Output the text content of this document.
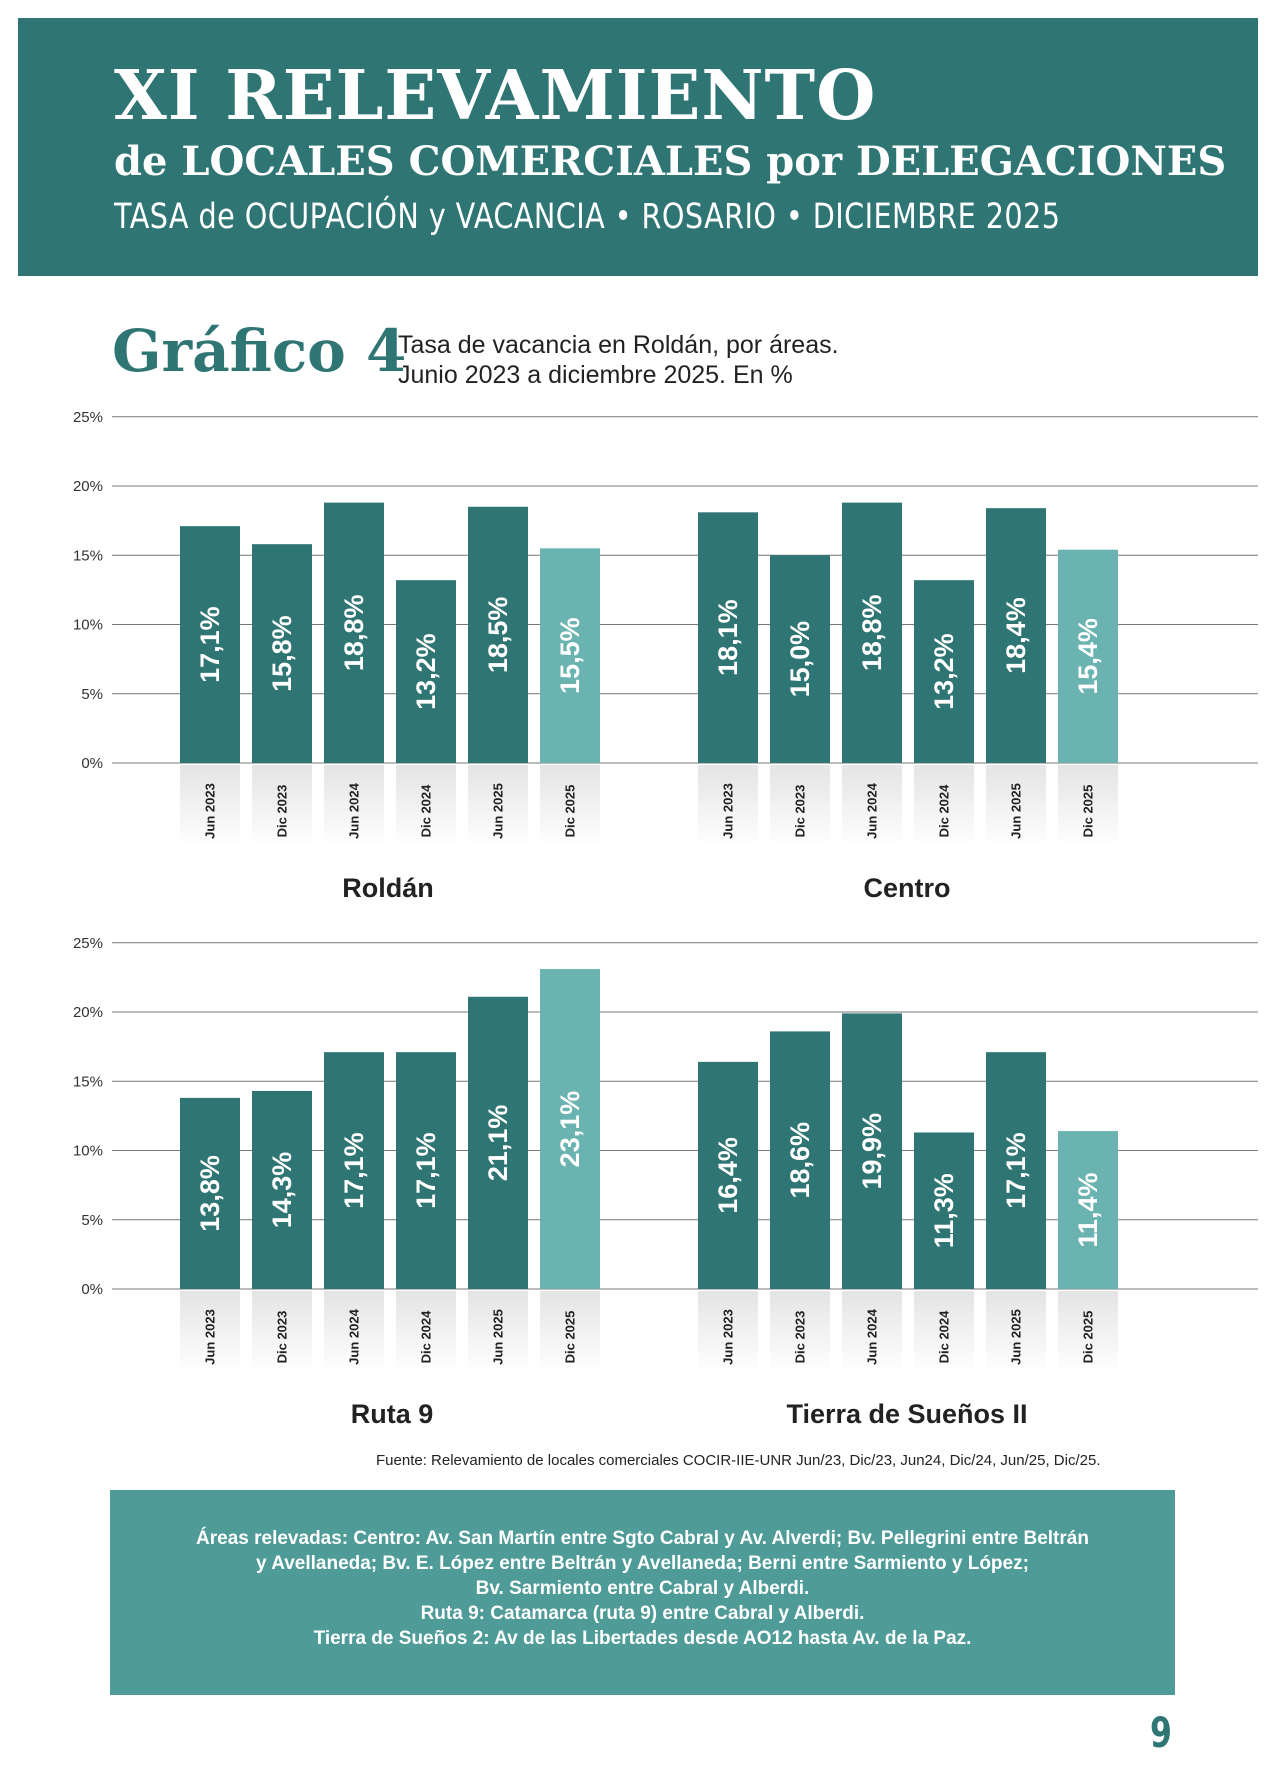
XI RELEVAMIENTO
de LOCALES COMERCIALES por DELEGACIONES
TASA de OCUPACIÓN y VACANCIA • ROSARIO • DICIEMBRE 2025
Gráfico 4
Tasa de vacancia en Roldán, por áreas.
Junio 2023 a diciembre 2025. En %
0%
5%
10%
15%
20%
25%
17,1%
Jun 2023
15,8%
Dic 2023
18,8%
Jun 2024
13,2%
Dic 2024
18,5%
Jun 2025
15,5%
Dic 2025
18,1%
Jun 2023
15,0%
Dic 2023
18,8%
Jun 2024
13,2%
Dic 2024
18,4%
Jun 2025
15,4%
Dic 2025
0%
5%
10%
15%
20%
25%
13,8%
Jun 2023
14,3%
Dic 2023
17,1%
Jun 2024
17,1%
Dic 2024
21,1%
Jun 2025
23,1%
Dic 2025
16,4%
Jun 2023
18,6%
Dic 2023
19,9%
Jun 2024
11,3%
Dic 2024
17,1%
Jun 2025
11,4%
Dic 2025
Roldán	Centro
Ruta 9	Tierra de Sueños II
Fuente: Relevamiento de locales comerciales COCIR-IIE-UNR Jun/23, Dic/23, Jun24, Dic/24, Jun/25, Dic/25.
Áreas relevadas: Centro: Av. San Martín entre Sgto Cabral y Av. Alverdi; Bv. Pellegrini entre Beltrán
y Avellaneda; Bv. E. López entre Beltrán y Avellaneda; Berni entre Sarmiento y López;
Bv. Sarmiento entre Cabral y Alberdi.
Ruta 9: Catamarca (ruta 9) entre Cabral y Alberdi.
Tierra de Sueños 2: Av de las Libertades desde AO12 hasta Av. de la Paz.
9
